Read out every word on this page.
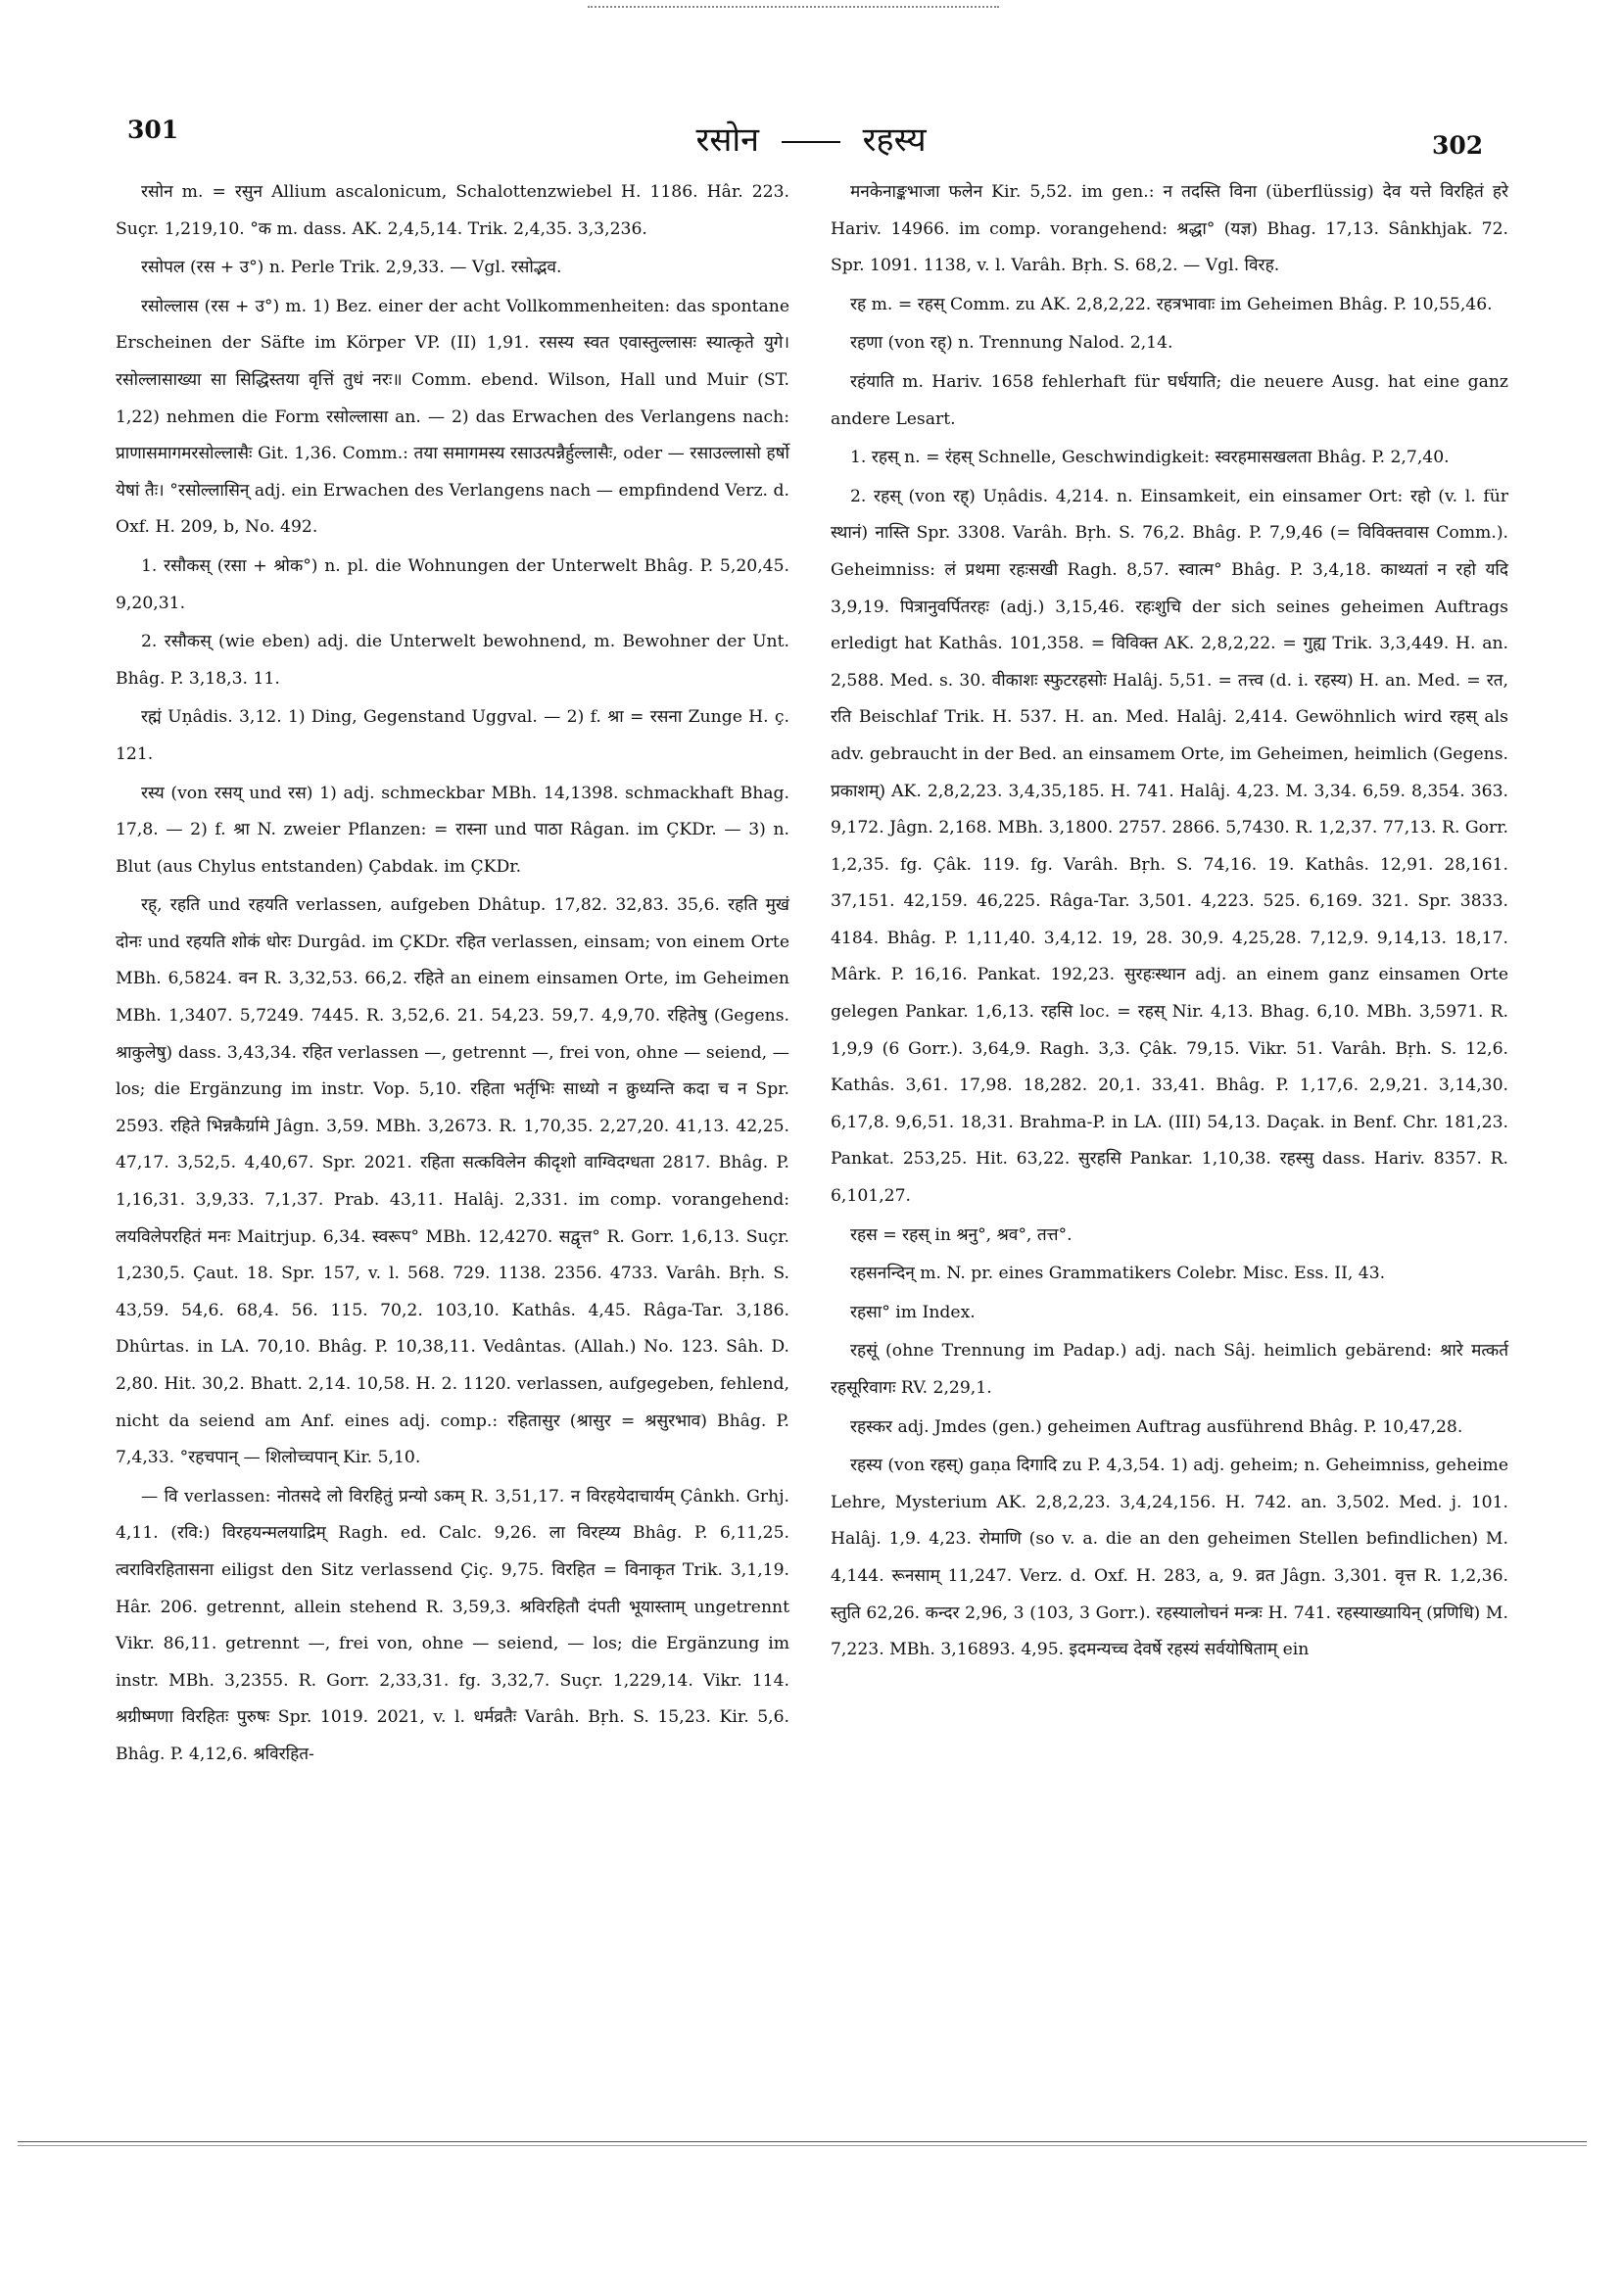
301	रसोन	रहस्य	302

रसोन m. = रसुन Allium ascalonicum, Schalottenzwiebel H. 1186. Hâr. 223. Suçr. 1,219,10. °क m. dass. AK. 2,4,5,14. Trik. 2,4,35. 3,3,236.

रसोपल (रस + उ°) n. Perle Trik. 2,9,33. — Vgl. रसोद्भव.

रसोल्लास (रस + उ°) m. 1) Bez. einer der acht Vollkommenheiten: das spontane Erscheinen der Säfte im Körper VP. (II) 1,91. रसस्य स्वत एवास्तुल्लासः स्यात्कृते युगे। रसोल्लासाख्या सा सिद्धिस्तया वृत्तिं तुधं नरः॥ Comm. ebend. Wilson, Hall und Muir (ST. 1,22) nehmen die Form रसोल्लासा an. — 2) das Erwachen des Verlangens nach: प्राणासमागमरसोल्लासैः Git. 1,36. Comm.: तया समागमस्य रसाउत्पन्नैर्हुल्लासैः, oder — रसाउल्लासो हर्षो येषां तैः। °रसोल्लासिन् adj. ein Erwachen des Verlangens nach — empfindend Verz. d. Oxf. H. 209, b, No. 492.

1. रसौकस् (रसा + श्रोक°) n. pl. die Wohnungen der Unterwelt Bhâg. P. 5,20,45. 9,20,31.

2. रसौकस् (wie eben) adj. die Unterwelt bewohnend, m. Bewohner der Unt. Bhâg. P. 3,18,3. 11.

रह्मं Uṇâdis. 3,12. 1) Ding, Gegenstand Uggval. — 2) f. श्रा = रसना Zunge H. ç. 121.

रस्य (von रसय् und रस) 1) adj. schmeckbar MBh. 14,1398. schmackhaft Bhag. 17,8. — 2) f. श्रा N. zweier Pflanzen: = रास्ना und पाठा Râgan. im ÇKDr. — 3) n. Blut (aus Chylus entstanden) Çabdak. im ÇKDr.

रह्, रहति und रहयति verlassen, aufgeben Dhâtup. 17,82. 32,83. 35,6. रहति मुखं दोनः und रहयति शोकं धोरः Durgâd. im ÇKDr. रहित verlassen, einsam; von einem Orte MBh. 6,5824. वन R. 3,32,53. 66,2. रहिते an einem einsamen Orte, im Geheimen MBh. 1,3407. 5,7249. 7445. R. 3,52,6. 21. 54,23. 59,7. 4,9,70. रहितेषु (Gegens. श्राकुलेषु) dass. 3,43,34. रहित verlassen —, getrennt —, frei von, ohne — seiend, — los; die Ergänzung im instr. Vop. 5,10. रहिता भर्तृभिः साध्यो न क्रुध्यन्ति कदा च न Spr. 2593. रहिते भिन्नकैर्ग्रामे Jâgn. 3,59. MBh. 3,2673. R. 1,70,35. 2,27,20. 41,13. 42,25. 47,17. 3,52,5. 4,40,67. Spr. 2021. रहिता सत्कविलेन कीदृशो वाग्विदग्धता 2817. Bhâg. P. 1,16,31. 3,9,33. 7,1,37. Prab. 43,11. Halâj. 2,331. im comp. vorangehend: लयविलेपरहितं मनः Maitrjup. 6,34. स्वरूप° MBh. 12,4270. सद्वृत्त° R. Gorr. 1,6,13. Suçr. 1,230,5. Çaut. 18. Spr. 157, v. l. 568. 729. 1138. 2356. 4733. Varâh. Bṛh. S. 43,59. 54,6. 68,4. 56. 115. 70,2. 103,10. Kathâs. 4,45. Râga-Tar. 3,186. Dhûrtas. in LA. 70,10. Bhâg. P. 10,38,11. Vedântas. (Allah.) No. 123. Sâh. D. 2,80. Hit. 30,2. Bhatt. 2,14. 10,58. H. 2. 1120. verlassen, aufgegeben, fehlend, nicht da seiend am Anf. eines adj. comp.: रहितासुर (श्रासुर = श्रसुरभाव) Bhâg. P. 7,4,33. °रहचपान् — शिलोच्चपान् Kir. 5,10.

— वि verlassen: नोतसदे लो विरहितुं प्रन्यो ऽकम् R. 3,51,17. न विरहयेदाचार्यम् Çânkh. Grhj. 4,11. (रवि:) विरहयन्मलयाद्रिम् Ragh. ed. Calc. 9,26. ला विरह्य्य Bhâg. P. 6,11,25. त्वराविरहितासना eiligst den Sitz verlassend Çiç. 9,75. विरहित = विनाकृत Trik. 3,1,19. Hâr. 206. getrennt, allein stehend R. 3,59,3. श्रविरहितौ दंपती भूयास्ताम् ungetrennt Vikr. 86,11. getrennt —, frei von, ohne — seiend, — los; die Ergänzung im instr. MBh. 3,2355. R. Gorr. 2,33,31. fg. 3,32,7. Suçr. 1,229,14. Vikr. 114. श्रग्रीष्मणा विरहितः पुरुषः Spr. 1019. 2021, v. l. धर्मव्रतैः Varâh. Bṛh. S. 15,23. Kir. 5,6. Bhâg. P. 4,12,6. श्रविरहित-

मनकेनाङ्कभाजा फलेन Kir. 5,52. im gen.: न तदस्ति विना (überflüssig) देव यत्ते विरहितं हरे Hariv. 14966. im comp. vorangehend: श्रद्धा° (यज्ञ) Bhag. 17,13. Sânkhjak. 72. Spr. 1091. 1138, v. l. Varâh. Bṛh. S. 68,2. — Vgl. विरह.

रह m. = रहस् Comm. zu AK. 2,8,2,22. रहत्रभावाः im Geheimen Bhâg. P. 10,55,46.

रहणा (von रह्) n. Trennung Nalod. 2,14.

रहंयाति m. Hariv. 1658 fehlerhaft für घर्धयाति; die neuere Ausg. hat eine ganz andere Lesart.

1. रहस् n. = रंहस् Schnelle, Geschwindigkeit: स्वरहमासखलता Bhâg. P. 2,7,40.

2. रहस् (von रह्) Uṇâdis. 4,214. n. Einsamkeit, ein einsamer Ort: रहो (v. l. für स्थानं) नास्ति Spr. 3308. Varâh. Bṛh. S. 76,2. Bhâg. P. 7,9,46 (= विविक्तवास Comm.). Geheimniss: लं प्रथमा रहःसखी Ragh. 8,57. स्वात्म° Bhâg. P. 3,4,18. काथ्यतां न रहो यदि 3,9,19. पित्रानुवर्पितरहः (adj.) 3,15,46. रहःशुचि der sich seines geheimen Auftrags erledigt hat Kathâs. 101,358. = विविक्त AK. 2,8,2,22. = गुह्य Trik. 3,3,449. H. an. 2,588. Med. s. 30. वीकाशः स्फुटरहसोः Halâj. 5,51. = तत्त्व (d. i. रहस्य) H. an. Med. = रत, रति Beischlaf Trik. H. 537. H. an. Med. Halâj. 2,414. Gewöhnlich wird रहस् als adv. gebraucht in der Bed. an einsamem Orte, im Geheimen, heimlich (Gegens. प्रकाशम्) AK. 2,8,2,23. 3,4,35,185. H. 741. Halâj. 4,23. M. 3,34. 6,59. 8,354. 363. 9,172. Jâgn. 2,168. MBh. 3,1800. 2757. 2866. 5,7430. R. 1,2,37. 77,13. R. Gorr. 1,2,35. fg. Çâk. 119. fg. Varâh. Bṛh. S. 74,16. 19. Kathâs. 12,91. 28,161. 37,151. 42,159. 46,225. Râga-Tar. 3,501. 4,223. 525. 6,169. 321. Spr. 3833. 4184. Bhâg. P. 1,11,40. 3,4,12. 19, 28. 30,9. 4,25,28. 7,12,9. 9,14,13. 18,17. Mârk. P. 16,16. Pankat. 192,23. सुरहःस्थान adj. an einem ganz einsamen Orte gelegen Pankar. 1,6,13. रहसि loc. = रहस् Nir. 4,13. Bhag. 6,10. MBh. 3,5971. R. 1,9,9 (6 Gorr.). 3,64,9. Ragh. 3,3. Çâk. 79,15. Vikr. 51. Varâh. Bṛh. S. 12,6. Kathâs. 3,61. 17,98. 18,282. 20,1. 33,41. Bhâg. P. 1,17,6. 2,9,21. 3,14,30. 6,17,8. 9,6,51. 18,31. Brahma-P. in LA. (III) 54,13. Daçak. in Benf. Chr. 181,23. Pankat. 253,25. Hit. 63,22. सुरहसि Pankar. 1,10,38. रहस्सु dass. Hariv. 8357. R. 6,101,27.

रहस = रहस् in श्रनु°, श्रव°, तत्त°.

रहसनन्दिन् m. N. pr. eines Grammatikers Colebr. Misc. Ess. II, 43.

रहसा° im Index.

रहसूं (ohne Trennung im Padap.) adj. nach Sâj. heimlich gebärend: श्रारे मत्कर्त रहसूरिवागः RV. 2,29,1.

रहस्कर adj. Jmdes (gen.) geheimen Auftrag ausführend Bhâg. P. 10,47,28.

रहस्य (von रहस्) gaṇa दिगादि zu P. 4,3,54. 1) adj. geheim; n. Geheimniss, geheime Lehre, Mysterium AK. 2,8,2,23. 3,4,24,156. H. 742. an. 3,502. Med. j. 101. Halâj. 1,9. 4,23. रोमाणि (so v. a. die an den geheimen Stellen befindlichen) M. 4,144. रूनसाम् 11,247. Verz. d. Oxf. H. 283, a, 9. व्रत Jâgn. 3,301. वृत्त R. 1,2,36. स्तुति 62,26. कन्दर 2,96, 3 (103, 3 Gorr.). रहस्यालोचनं मन्त्रः H. 741. रहस्याख्यायिन् (प्रणिधि) M. 7,223. MBh. 3,16893. 4,95. इदमन्यच्च देवर्षे रहस्यं सर्वयोषिताम् ein
